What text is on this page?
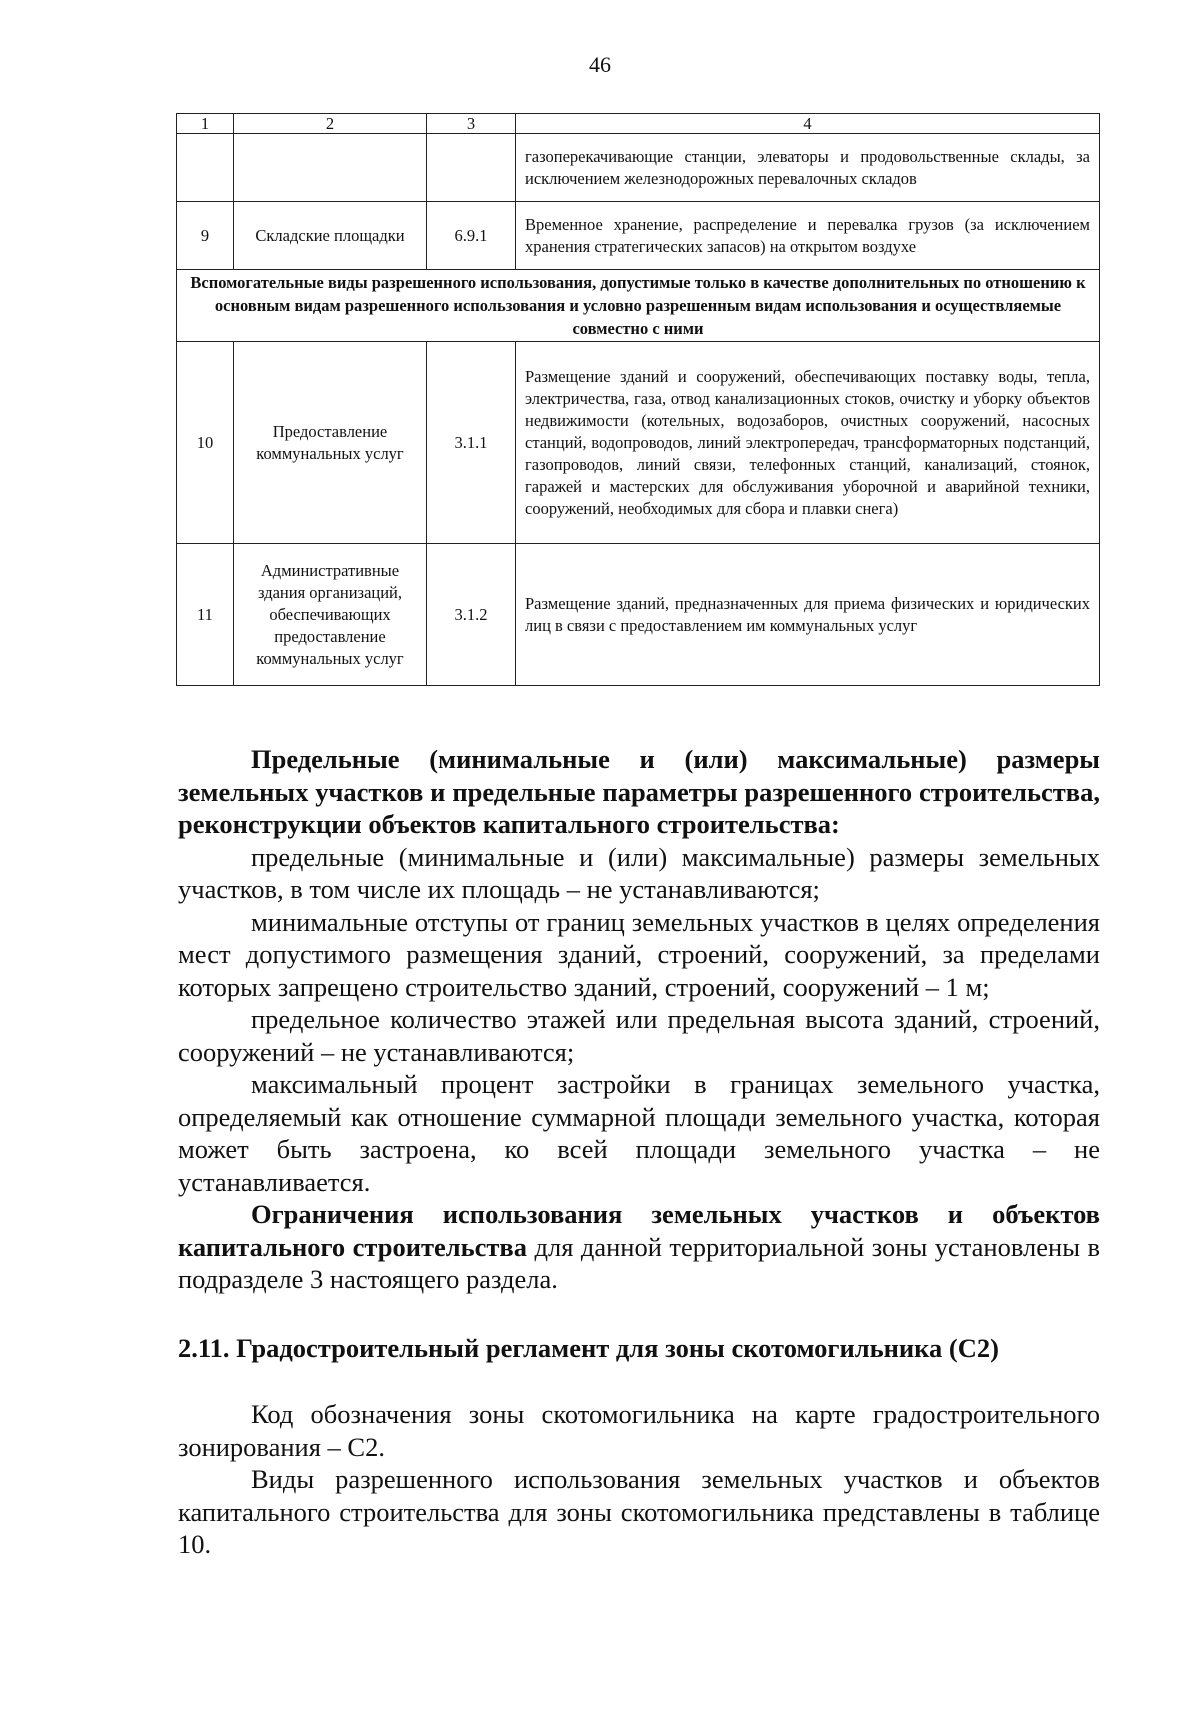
46
1	2	3	4
			газоперекачивающие станции, элеваторы и продовольственные склады, за исключением железнодорожных перевалочных складов
9	Складские площадки	6.9.1	Временное хранение, распределение и перевалка грузов (за исключением хранения стратегических запасов) на открытом воздухе
Вспомогательные виды разрешенного использования, допустимые только в качестве дополнительных по отношению к основным видам разрешенного использования и условно разрешенным видам использования и осуществляемые совместно с ними			
10	Предоставление коммунальных услуг	3.1.1	Размещение зданий и сооружений, обеспечивающих поставку воды, тепла, электричества, газа, отвод канализационных стоков, очистку и уборку объектов недвижимости (котельных, водозаборов, очистных сооружений, насосных станций, водопроводов, линий электропередач, трансформаторных подстанций, газопроводов, линий связи, телефонных станций, канализаций, стоянок, гаражей и мастерских для обслуживания уборочной и аварийной техники, сооружений, необходимых для сбора и плавки снега)
11	Административные здания организаций, обеспечивающих предоставление коммунальных услуг	3.1.2	Размещение зданий, предназначенных для приема физических и юридических лиц в связи с предоставлением им коммунальных услуг

Предельные (минимальные и (или) максимальные) размеры земельных участков и предельные параметры разрешенного строительства, реконструкции объектов капитального строительства:

предельные (минимальные и (или) максимальные) размеры земельных участков, в том числе их площадь – не устанавливаются;

минимальные отступы от границ земельных участков в целях определения мест допустимого размещения зданий, строений, сооружений, за пределами которых запрещено строительство зданий, строений, сооружений – 1 м;

предельное количество этажей или предельная высота зданий, строений, сооружений – не устанавливаются;

максимальный процент застройки в границах земельного участка, определяемый как отношение суммарной площади земельного участка, которая может быть застроена, ко всей площади земельного участка – не устанавливается.

Ограничения использования земельных участков и объектов капитального строительства для данной территориальной зоны установлены в подразделе 3 настоящего раздела.

2.11. Градостроительный регламент для зоны скотомогильника (С2)

Код обозначения зоны скотомогильника на карте градостроительного зонирования – С2.

Виды разрешенного использования земельных участков и объектов капитального строительства для зоны скотомогильника представлены в таблице 10.
